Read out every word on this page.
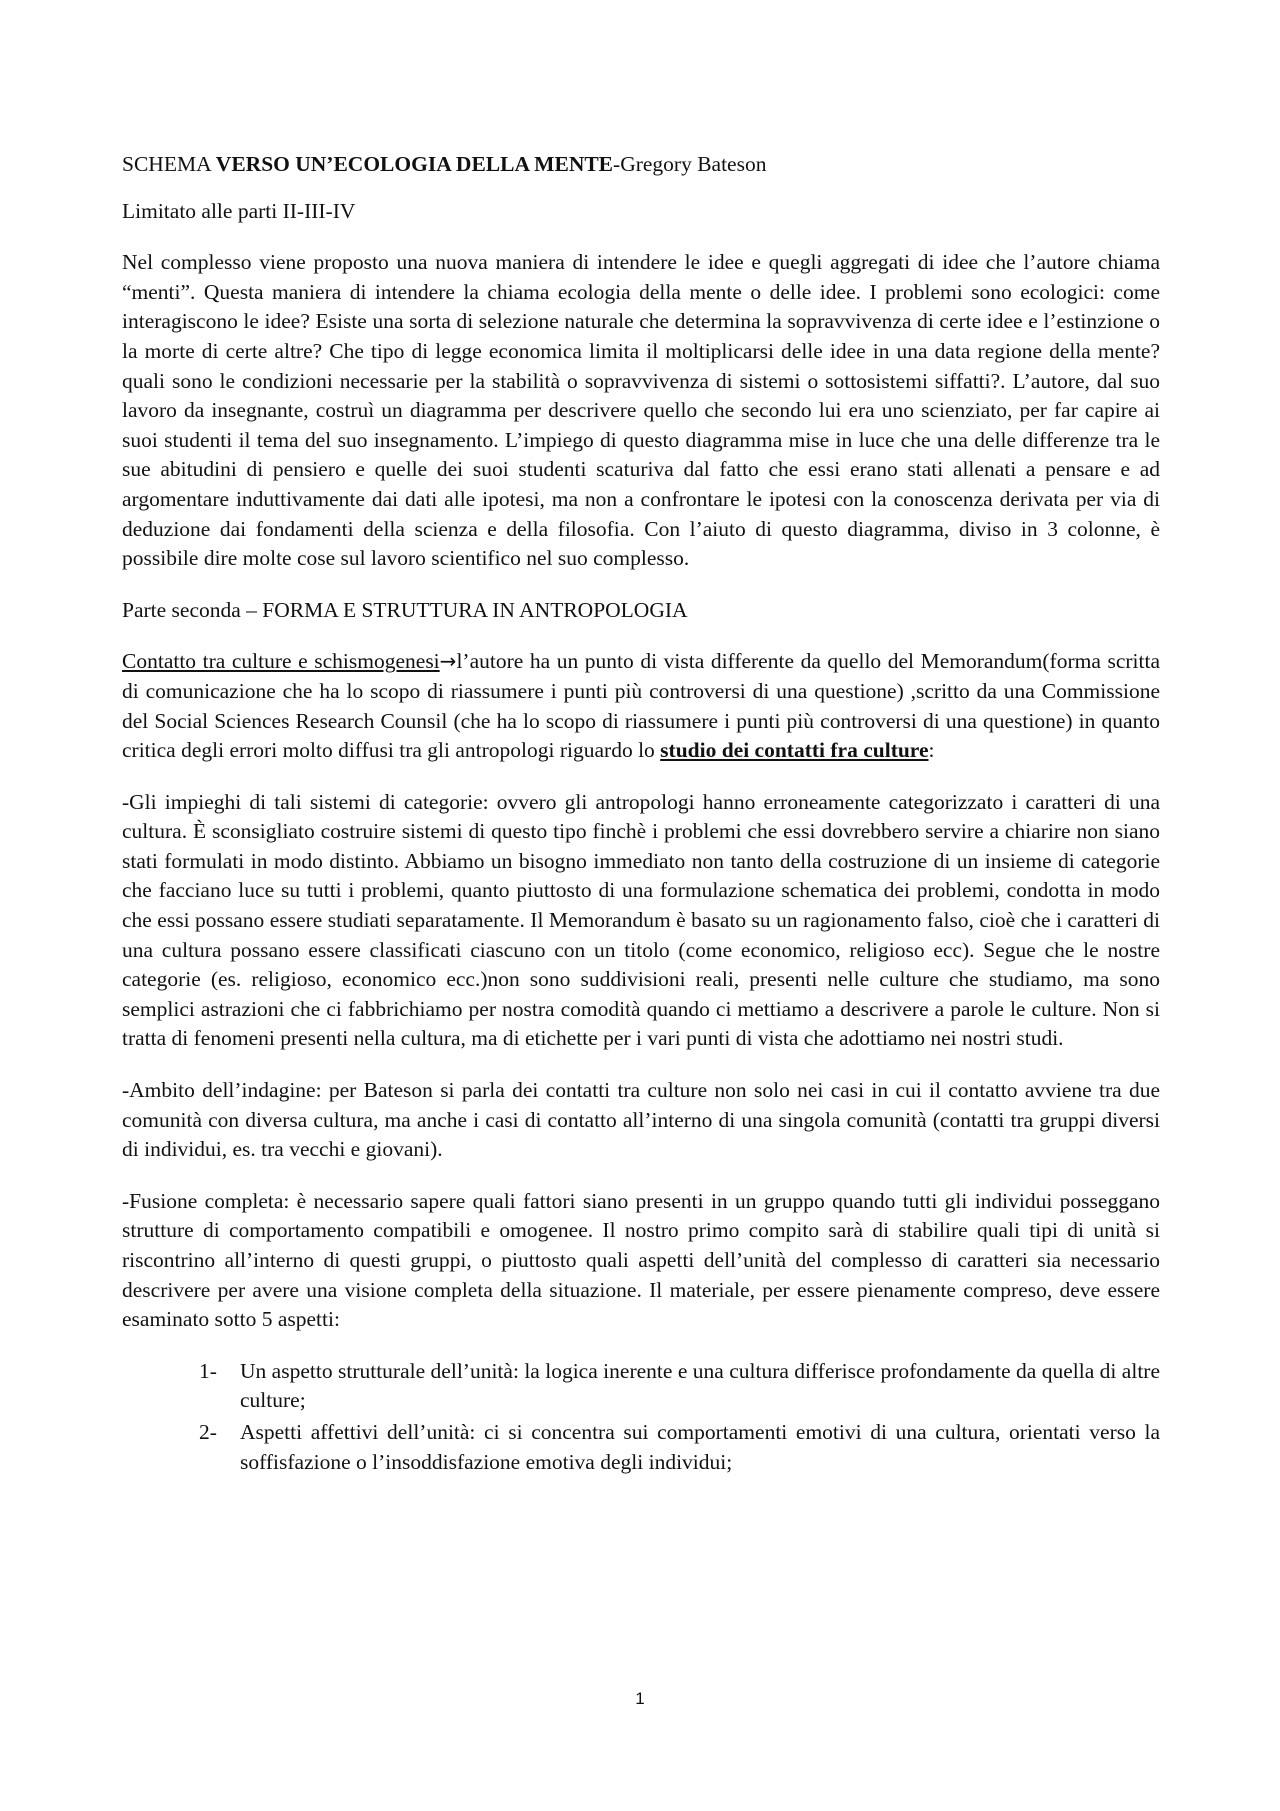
SCHEMA VERSO UN’ECOLOGIA DELLA MENTE-Gregory Bateson

Limitato alle parti II-III-IV

Nel complesso viene proposto una nuova maniera di intendere le idee e quegli aggregati di idee che l’autore chiama “menti”. Questa maniera di intendere la chiama ecologia della mente o delle idee. I problemi sono ecologici: come interagiscono le idee? Esiste una sorta di selezione naturale che determina la sopravvivenza di certe idee e l’estinzione o la morte di certe altre? Che tipo di legge economica limita il moltiplicarsi delle idee in una data regione della mente? quali sono le condizioni necessarie per la stabilità o sopravvivenza di sistemi o sottosistemi siffatti?. L’autore, dal suo lavoro da insegnante, costruì un diagramma per descrivere quello che secondo lui era uno scienziato, per far capire ai suoi studenti il tema del suo insegnamento. L’impiego di questo diagramma mise in luce che una delle differenze tra le sue abitudini di pensiero e quelle dei suoi studenti scaturiva dal fatto che essi erano stati allenati a pensare e ad argomentare induttivamente dai dati alle ipotesi, ma non a confrontare le ipotesi con la conoscenza derivata per via di deduzione dai fondamenti della scienza e della filosofia. Con l’aiuto di questo diagramma, diviso in 3 colonne, è possibile dire molte cose sul lavoro scientifico nel suo complesso.

Parte seconda – FORMA E STRUTTURA IN ANTROPOLOGIA

Contatto tra culture e schismogenesi→l’autore ha un punto di vista differente da quello del Memorandum(forma scritta di comunicazione che ha lo scopo di riassumere i punti più controversi di una questione) ,scritto da una Commissione del Social Sciences Research Counsil (che ha lo scopo di riassumere i punti più controversi di una questione) in quanto critica degli errori molto diffusi tra gli antropologi riguardo lo studio dei contatti fra culture:

-Gli impieghi di tali sistemi di categorie: ovvero gli antropologi hanno erroneamente categorizzato i caratteri di una cultura. È sconsigliato costruire sistemi di questo tipo finchè i problemi che essi dovrebbero servire a chiarire non siano stati formulati in modo distinto. Abbiamo un bisogno immediato non tanto della costruzione di un insieme di categorie che facciano luce su tutti i problemi, quanto piuttosto di una formulazione schematica dei problemi, condotta in modo che essi possano essere studiati separatamente. Il Memorandum è basato su un ragionamento falso, cioè che i caratteri di una cultura possano essere classificati ciascuno con un titolo (come economico, religioso ecc). Segue che le nostre categorie (es. religioso, economico ecc.)non sono suddivisioni reali, presenti nelle culture che studiamo, ma sono semplici astrazioni che ci fabbrichiamo per nostra comodità quando ci mettiamo a descrivere a parole le culture. Non si tratta di fenomeni presenti nella cultura, ma di etichette per i vari punti di vista che adottiamo nei nostri studi.

-Ambito dell’indagine: per Bateson si parla dei contatti tra culture non solo nei casi in cui il contatto avviene tra due comunità con diversa cultura, ma anche i casi di contatto all’interno di una singola comunità (contatti tra gruppi diversi di individui, es. tra vecchi e giovani).

-Fusione completa: è necessario sapere quali fattori siano presenti in un gruppo quando tutti gli individui posseggano strutture di comportamento compatibili e omogenee. Il nostro primo compito sarà di stabilire quali tipi di unità si riscontrino all’interno di questi gruppi, o piuttosto quali aspetti dell’unità del complesso di caratteri sia necessario descrivere per avere una visione completa della situazione. Il materiale, per essere pienamente compreso, deve essere esaminato sotto 5 aspetti:

1- Un aspetto strutturale dell’unità: la logica inerente e una cultura differisce profondamente da quella di altre culture;
2- Aspetti affettivi dell’unità: ci si concentra sui comportamenti emotivi di una cultura, orientati verso la soffisfazione o l’insoddisfazione emotiva degli individui;
1
